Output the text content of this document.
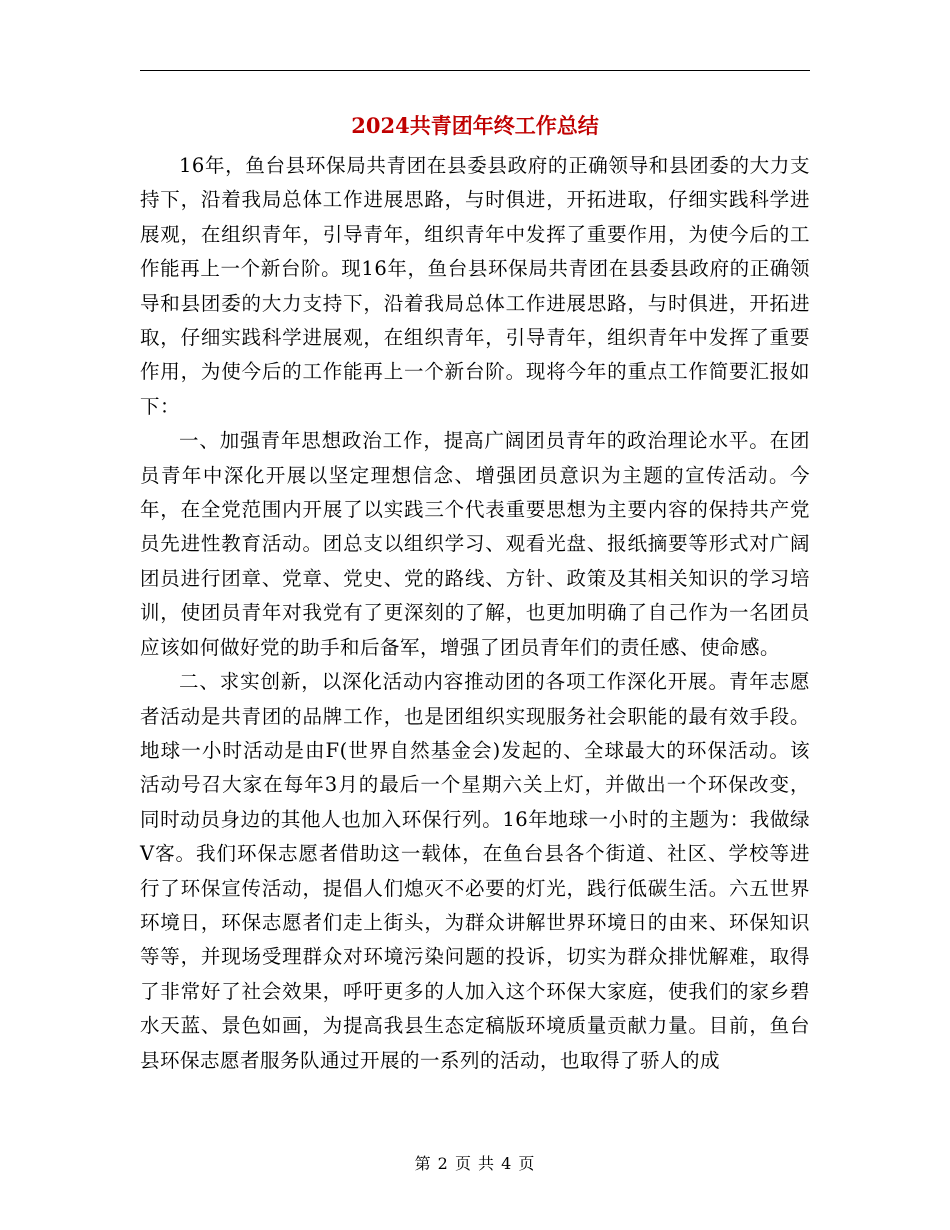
2024共青团年终工作总结

16年，鱼台县环保局共青团在县委县政府的正确领导和县团委的大力支持下，沿着我局总体工作进展思路，与时俱进，开拓进取，仔细实践科学进展观，在组织青年，引导青年，组织青年中发挥了重要作用，为使今后的工作能再上一个新台阶。现16年，鱼台县环保局共青团在县委县政府的正确领导和县团委的大力支持下，沿着我局总体工作进展思路，与时俱进，开拓进取，仔细实践科学进展观，在组织青年，引导青年，组织青年中发挥了重要作用，为使今后的工作能再上一个新台阶。现将今年的重点工作简要汇报如下：

一、加强青年思想政治工作，提高广阔团员青年的政治理论水平。在团员青年中深化开展以坚定理想信念、增强团员意识为主题的宣传活动。今年，在全党范围内开展了以实践三个代表重要思想为主要内容的保持共产党员先进性教育活动。团总支以组织学习、观看光盘、报纸摘要等形式对广阔团员进行团章、党章、党史、党的路线、方针、政策及其相关知识的学习培训，使团员青年对我党有了更深刻的了解，也更加明确了自己作为一名团员应该如何做好党的助手和后备军，增强了团员青年们的责任感、使命感。

二、求实创新，以深化活动内容推动团的各项工作深化开展。青年志愿者活动是共青团的品牌工作，也是团组织实现服务社会职能的最有效手段。地球一小时活动是由F(世界自然基金会)发起的、全球最大的环保活动。该活动号召大家在每年3月的最后一个星期六关上灯，并做出一个环保改变，同时动员身边的其他人也加入环保行列。16年地球一小时的主题为：我做绿V客。我们环保志愿者借助这一载体，在鱼台县各个街道、社区、学校等进行了环保宣传活动，提倡人们熄灭不必要的灯光，践行低碳生活。六五世界环境日，环保志愿者们走上街头，为群众讲解世界环境日的由来、环保知识等等，并现场受理群众对环境污染问题的投诉，切实为群众排忧解难，取得了非常好了社会效果，呼吁更多的人加入这个环保大家庭，使我们的家乡碧水天蓝、景色如画，为提高我县生态定稿版环境质量贡献力量。目前，鱼台县环保志愿者服务队通过开展的一系列的活动，也取得了骄人的成

第 2 页 共 4 页
